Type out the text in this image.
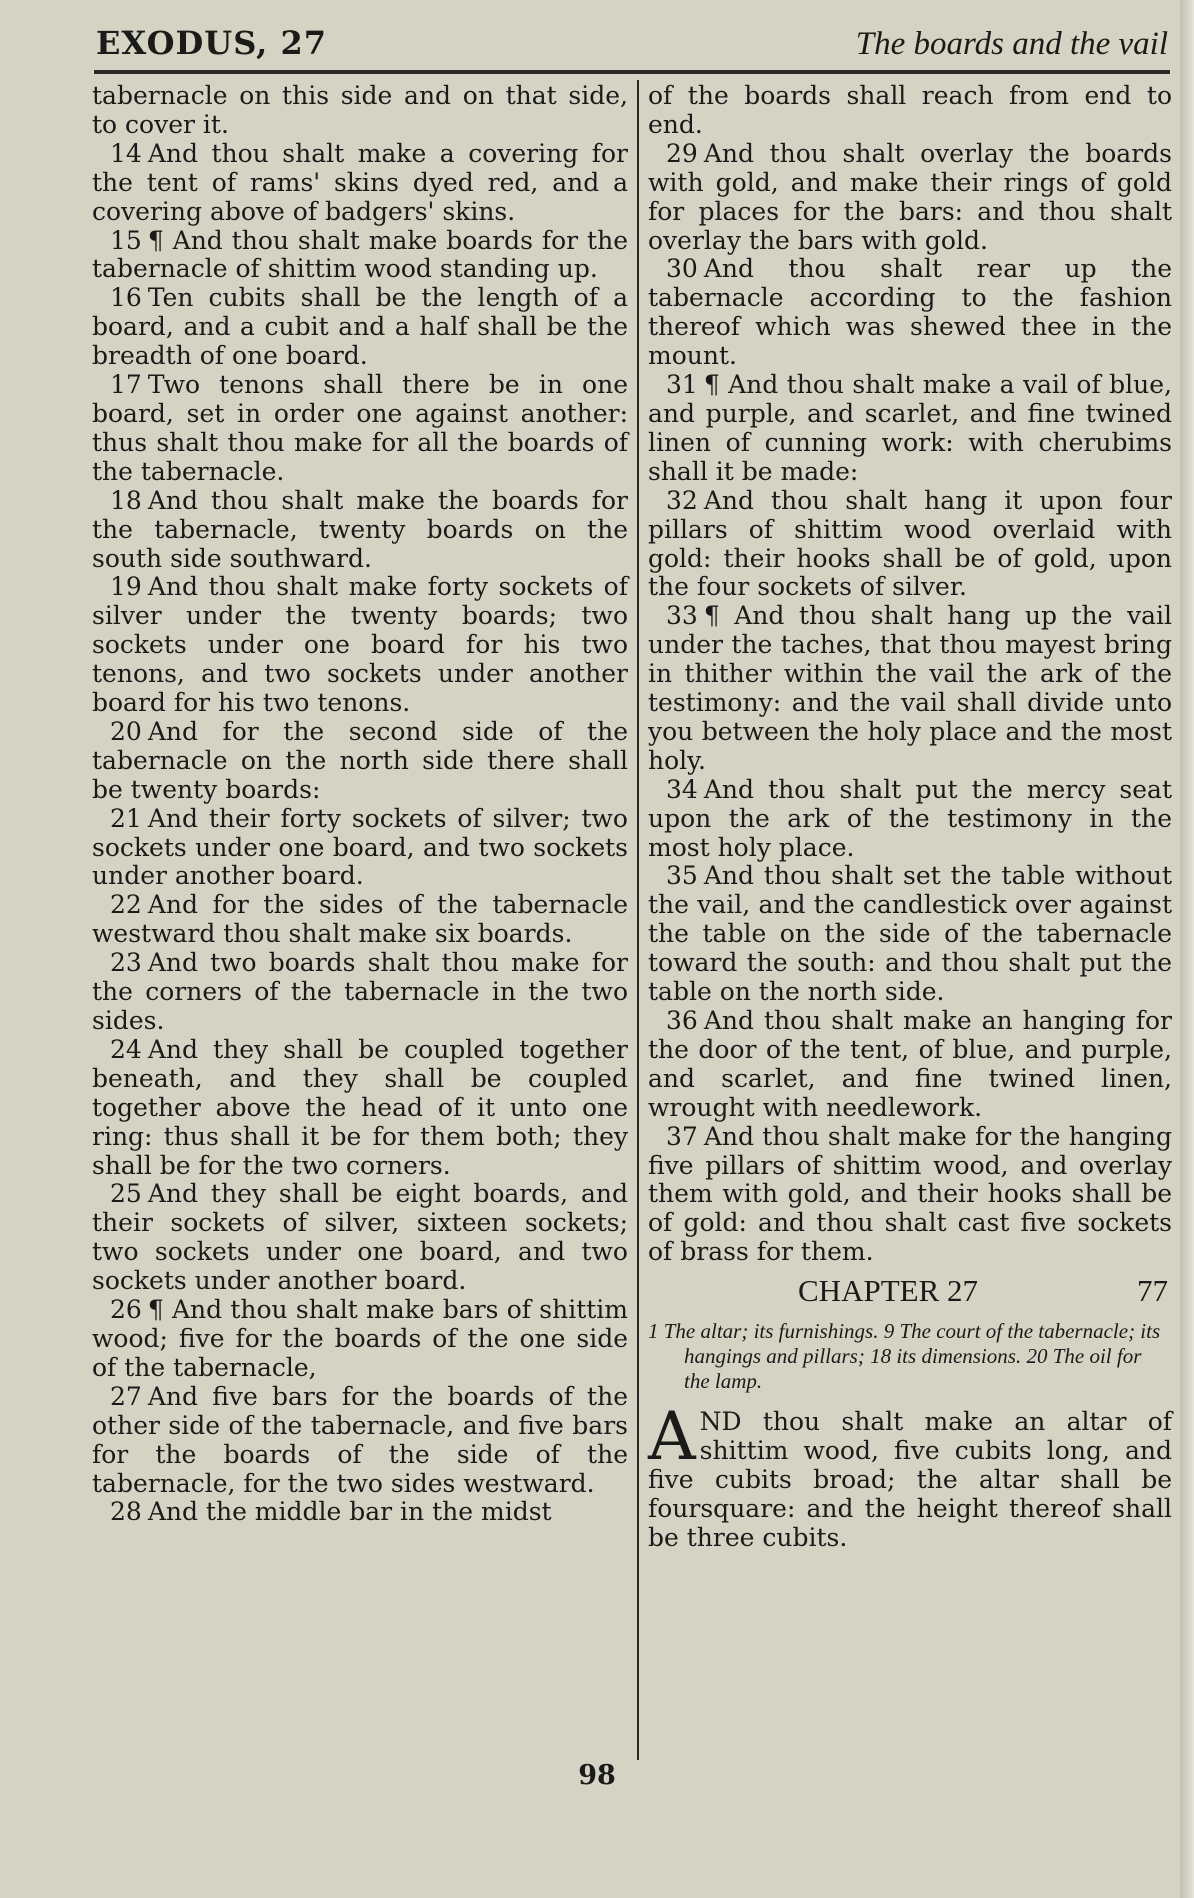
EXODUS, 27	The boards and the vail

tabernacle on this side and on that side, to cover it.

14 And thou shalt make a covering for the tent of rams' skins dyed red, and a covering above of badgers' skins.

15 ¶ And thou shalt make boards for the tabernacle of shittim wood standing up.

16 Ten cubits shall be the length of a board, and a cubit and a half shall be the breadth of one board.

17 Two tenons shall there be in one board, set in order one against another: thus shalt thou make for all the boards of the tabernacle.

18 And thou shalt make the boards for the tabernacle, twenty boards on the south side southward.

19 And thou shalt make forty sockets of silver under the twenty boards; two sockets under one board for his two tenons, and two sockets under another board for his two tenons.

20 And for the second side of the tabernacle on the north side there shall be twenty boards:

21 And their forty sockets of silver; two sockets under one board, and two sockets under another board.

22 And for the sides of the tabernacle westward thou shalt make six boards.

23 And two boards shalt thou make for the corners of the tabernacle in the two sides.

24 And they shall be coupled together beneath, and they shall be coupled together above the head of it unto one ring: thus shall it be for them both; they shall be for the two corners.

25 And they shall be eight boards, and their sockets of silver, sixteen sockets; two sockets under one board, and two sockets under another board.

26 ¶ And thou shalt make bars of shittim wood; five for the boards of the one side of the tabernacle,

27 And five bars for the boards of the other side of the tabernacle, and five bars for the boards of the side of the tabernacle, for the two sides westward.

28 And the middle bar in the midst

of the boards shall reach from end to end.

29 And thou shalt overlay the boards with gold, and make their rings of gold for places for the bars: and thou shalt overlay the bars with gold.

30 And thou shalt rear up the tabernacle according to the fashion thereof which was shewed thee in the mount.

31 ¶ And thou shalt make a vail of blue, and purple, and scarlet, and fine twined linen of cunning work: with cherubims shall it be made:

32 And thou shalt hang it upon four pillars of shittim wood overlaid with gold: their hooks shall be of gold, upon the four sockets of silver.

33 ¶ And thou shalt hang up the vail under the taches, that thou mayest bring in thither within the vail the ark of the testimony: and the vail shall divide unto you between the holy place and the most holy.

34 And thou shalt put the mercy seat upon the ark of the testimony in the most holy place.

35 And thou shalt set the table without the vail, and the candlestick over against the table on the side of the tabernacle toward the south: and thou shalt put the table on the north side.

36 And thou shalt make an hanging for the door of the tent, of blue, and purple, and scarlet, and fine twined linen, wrought with needlework.

37 And thou shalt make for the hanging five pillars of shittim wood, and overlay them with gold, and their hooks shall be of gold: and thou shalt cast five sockets of brass for them.

CHAPTER 27	77
1 The altar; its furnishings. 9 The court of the tabernacle; its hangings and pillars; 18 its dimensions. 20 The oil for the lamp.

AND thou shalt make an altar of shittim wood, five cubits long, and five cubits broad; the altar shall be foursquare: and the height thereof shall be three cubits.

98
